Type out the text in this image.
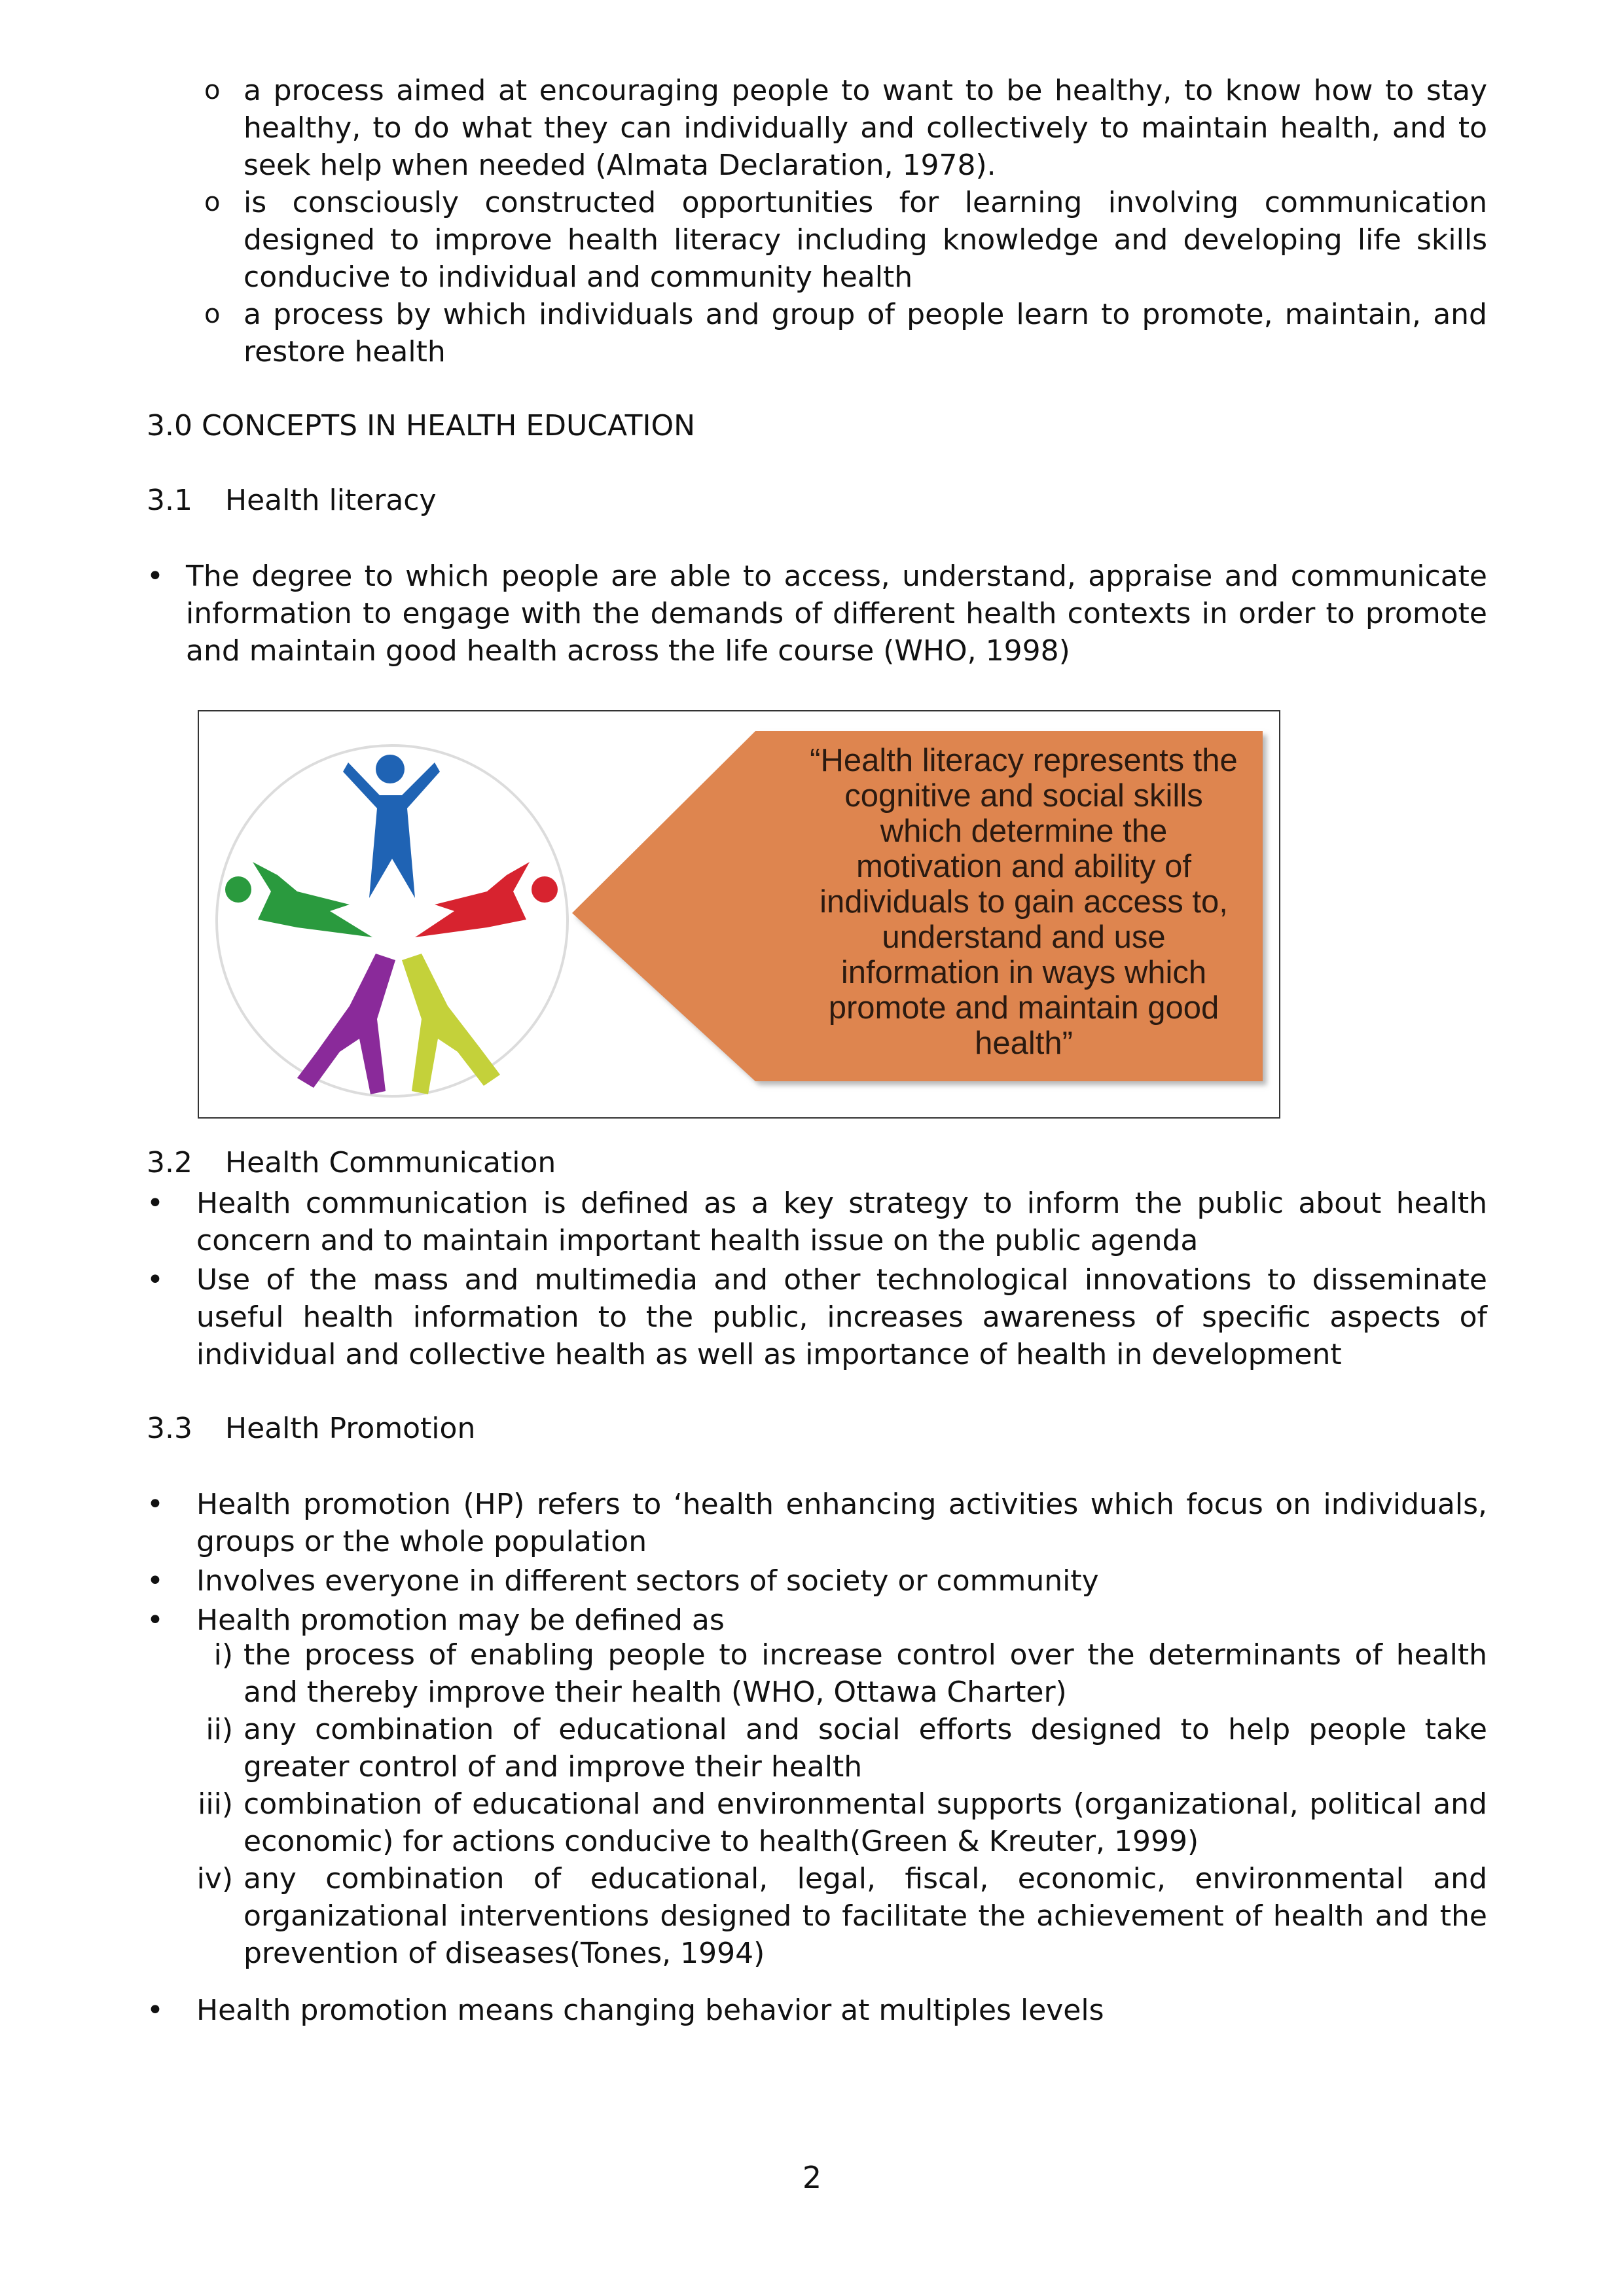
o a process aimed at encouraging people to want to be healthy, to know how to stay healthy, to do what they can individually and collectively to maintain health, and to seek help when needed (Almata Declaration, 1978).
o is consciously constructed opportunities for learning involving communication designed to improve health literacy including knowledge and developing life skills conducive to individual and community health
o a process by which individuals and group of people learn to promote, maintain, and restore health
3.0 CONCEPTS IN HEALTH EDUCATION
3.1 Health literacy
• The degree to which people are able to access, understand, appraise and communicate information to engage with the demands of different health contexts in order to promote and maintain good health across the life course (WHO, 1998)
“Health literacy represents the cognitive and social skills which determine the motivation and ability of individuals to gain access to, understand and use information in ways which promote and maintain good health”
3.2 Health Communication
• Health communication is defined as a key strategy to inform the public about health concern and to maintain important health issue on the public agenda
• Use of the mass and multimedia and other technological innovations to disseminate useful health information to the public, increases awareness of specific aspects of individual and collective health as well as importance of health in development
3.3 Health Promotion
• Health promotion (HP) refers to ‘health enhancing activities which focus on individuals, groups or the whole population
• Involves everyone in different sectors of society or community
• Health promotion may be defined as
i) the process of enabling people to increase control over the determinants of health and thereby improve their health (WHO, Ottawa Charter)
ii) any combination of educational and social efforts designed to help people take greater control of and improve their health
iii) combination of educational and environmental supports (organizational, political and economic) for actions conducive to health(Green & Kreuter, 1999)
iv) any combination of educational, legal, fiscal, economic, environmental and organizational interventions designed to facilitate the achievement of health and the prevention of diseases(Tones, 1994)
• Health promotion means changing behavior at multiples levels
2
